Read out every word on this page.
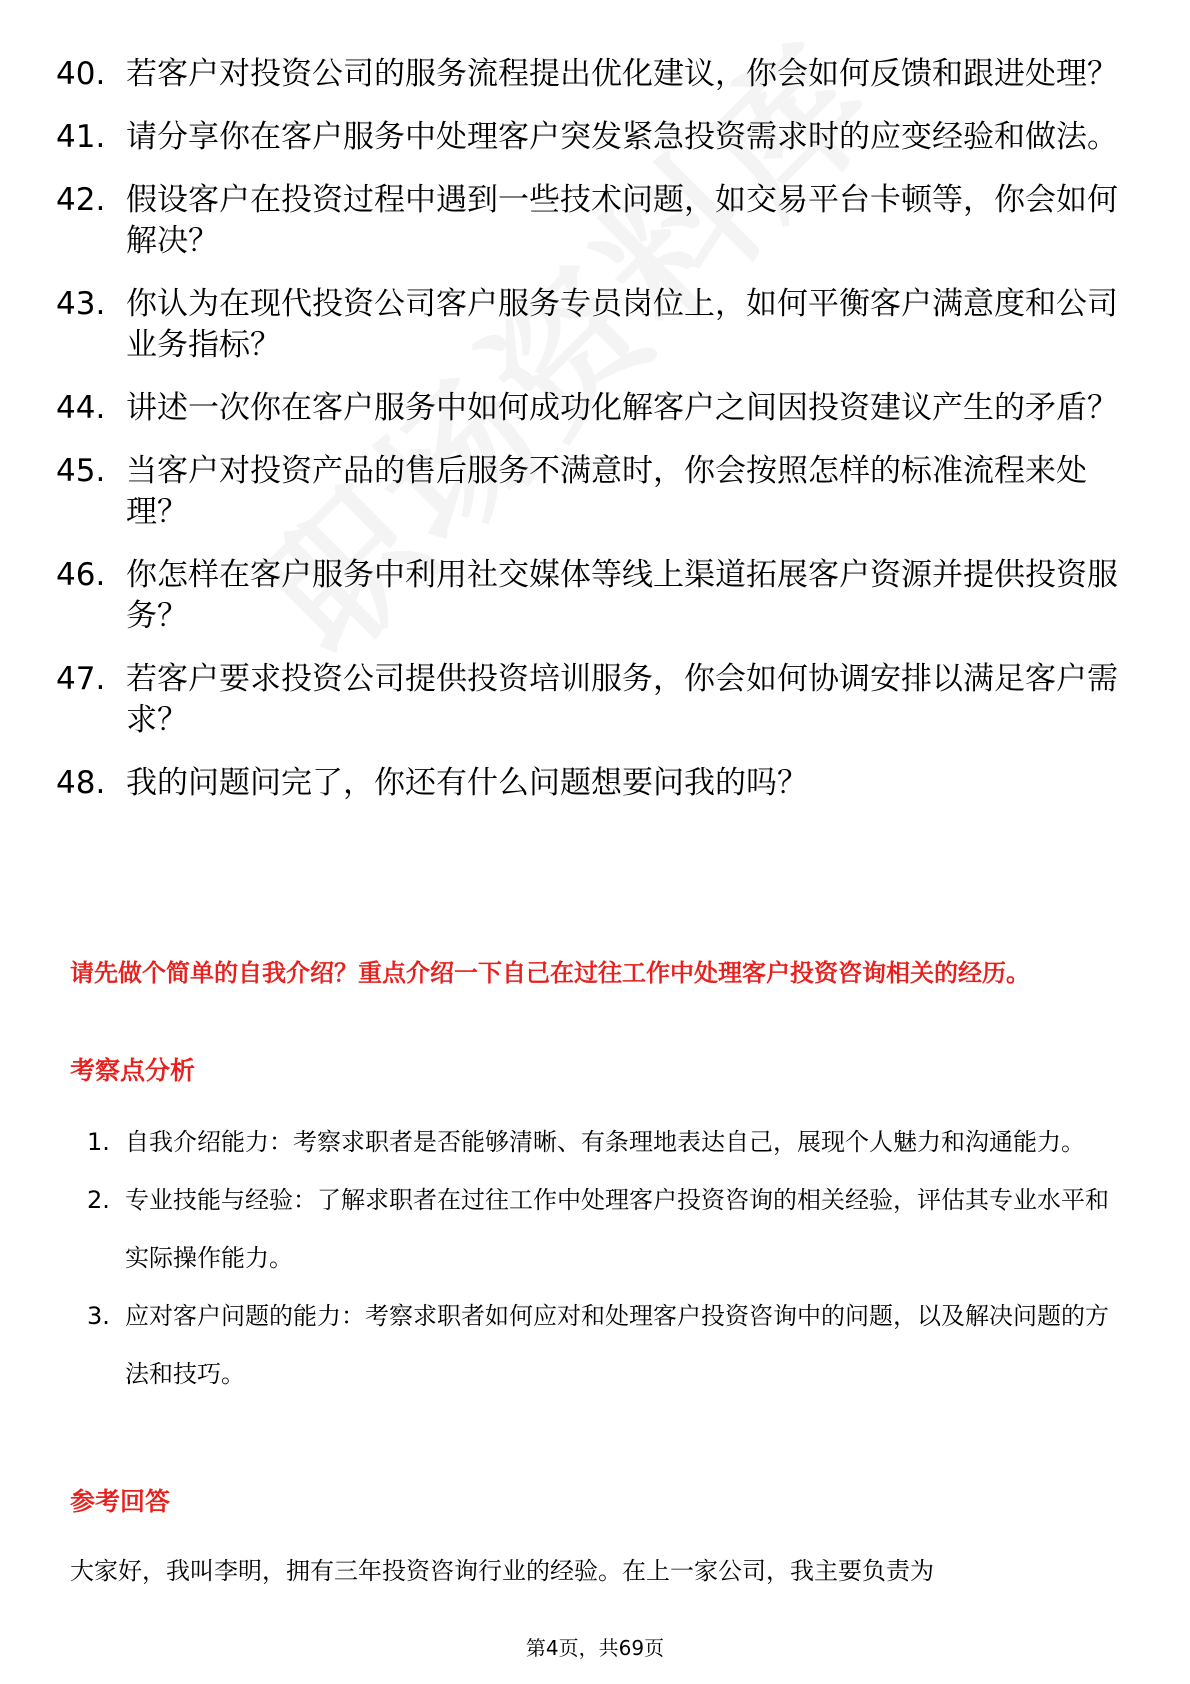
40. 若客户对投资公司的服务流程提出优化建议，你会如何反馈和跟进处理？
41. 请分享你在客户服务中处理客户突发紧急投资需求时的应变经验和做法。
42. 假设客户在投资过程中遇到一些技术问题，如交易平台卡顿等，你会如何解决？
43. 你认为在现代投资公司客户服务专员岗位上，如何平衡客户满意度和公司业务指标？
44. 讲述一次你在客户服务中如何成功化解客户之间因投资建议产生的矛盾？
45. 当客户对投资产品的售后服务不满意时，你会按照怎样的标准流程来处理？
46. 你怎样在客户服务中利用社交媒体等线上渠道拓展客户资源并提供投资服务？
47. 若客户要求投资公司提供投资培训服务，你会如何协调安排以满足客户需求？
48. 我的问题问完了，你还有什么问题想要问我的吗？
请先做个简单的自我介绍？重点介绍一下自己在过往工作中处理客户投资咨询相关的经历。
考察点分析
1. 自我介绍能力：考察求职者是否能够清晰、有条理地表达自己，展现个人魅力和沟通能力。
2. 专业技能与经验：了解求职者在过往工作中处理客户投资咨询的相关经验，评估其专业水平和实际操作能力。
3. 应对客户问题的能力：考察求职者如何应对和处理客户投资咨询中的问题，以及解决问题的方法和技巧。
参考回答
大家好，我叫李明，拥有三年投资咨询行业的经验。在上一家公司，我主要负责为
第4页，共69页
